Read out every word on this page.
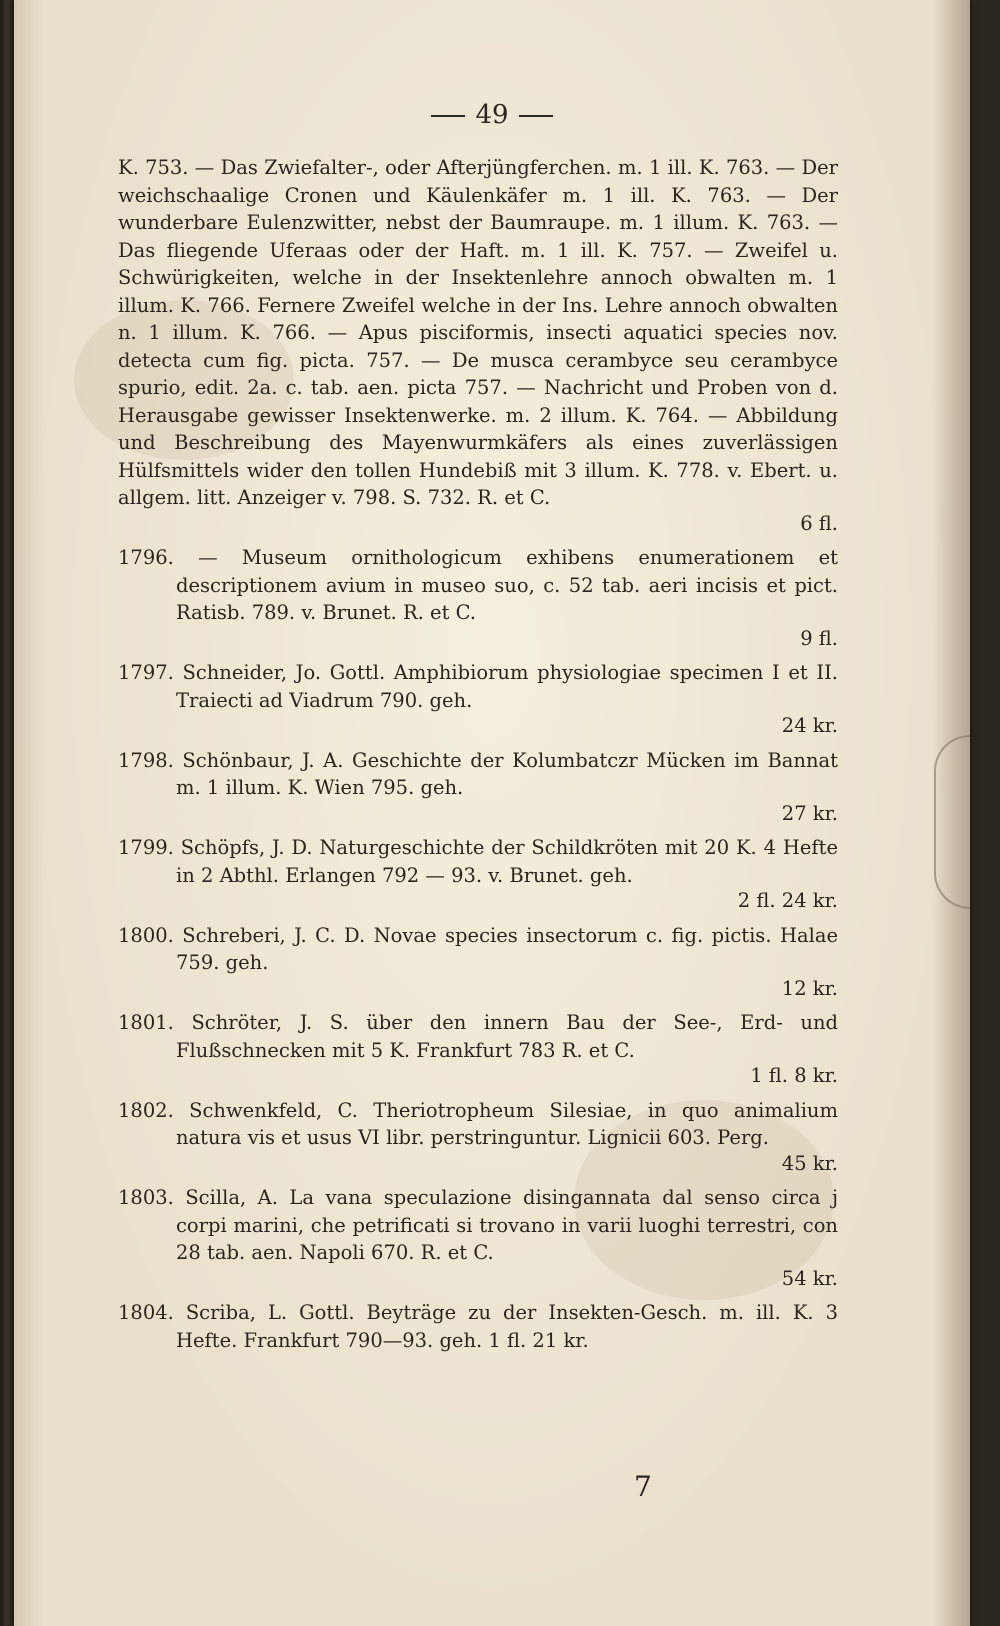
49
K. 753. — Das Zwiefalter-, oder Afterjüngferchen. m. 1 ill. K. 763. — Der weichschaalige Cronen und Käulenkäfer m. 1 ill. K. 763. — Der wunderbare Eulenzwitter, nebst der Baumraupe. m. 1 illum. K. 763. — Das fliegende Uferaas oder der Haft. m. 1 ill. K. 757. — Zweifel u. Schwürigkeiten, welche in der Insektenlehre annoch obwalten m. 1 illum. K. 766. Fernere Zweifel welche in der Ins. Lehre annoch obwalten n. 1 illum. K. 766. — Apus pisciformis, insecti aquatici species nov. detecta cum fig. picta. 757. — De musca cerambyce seu cerambyce spurio, edit. 2a. c. tab. aen. picta 757. — Nachricht und Proben von d. Herausgabe gewisser Insektenwerke. m. 2 illum. K. 764. — Abbildung und Beschreibung des Mayenwurmkäfers als eines zuverlässigen Hülfsmittels wider den tollen Hundebiß mit 3 illum. K. 778. v. Ebert. u. allgem. litt. Anzeiger v. 798. S. 732. R. et C.
6 fl.
1796. — Museum ornithologicum exhibens enumerationem et descriptionem avium in museo suo, c. 52 tab. aeri incisis et pict. Ratisb. 789. v. Brunet. R. et C.
9 fl.
1797. Schneider, Jo. Gottl. Amphibiorum physiologiae specimen I et II. Traiecti ad Viadrum 790. geh.
24 kr.
1798. Schönbaur, J. A. Geschichte der Kolumbatczr Mücken im Bannat m. 1 illum. K. Wien 795. geh.
27 kr.
1799. Schöpfs, J. D. Naturgeschichte der Schildkröten mit 20 K. 4 Hefte in 2 Abthl. Erlangen 792 — 93. v. Brunet. geh.
2 fl. 24 kr.
1800. Schreberi, J. C. D. Novae species insectorum c. fig. pictis. Halae 759. geh.
12 kr.
1801. Schröter, J. S. über den innern Bau der See-, Erd- und Flußschnecken mit 5 K. Frankfurt 783 R. et C.
1 fl. 8 kr.
1802. Schwenkfeld, C. Theriotropheum Silesiae, in quo animalium natura vis et usus VI libr. perstringuntur. Lignicii 603. Perg.
45 kr.
1803. Scilla, A. La vana speculazione disingannata dal senso circa j corpi marini, che petrificati si trovano in varii luoghi terrestri, con 28 tab. aen. Napoli 670. R. et C.
54 kr.
1804. Scriba, L. Gottl. Beyträge zu der Insekten-Gesch. m. ill. K. 3 Hefte. Frankfurt 790—93. geh. 1 fl. 21 kr.
7
